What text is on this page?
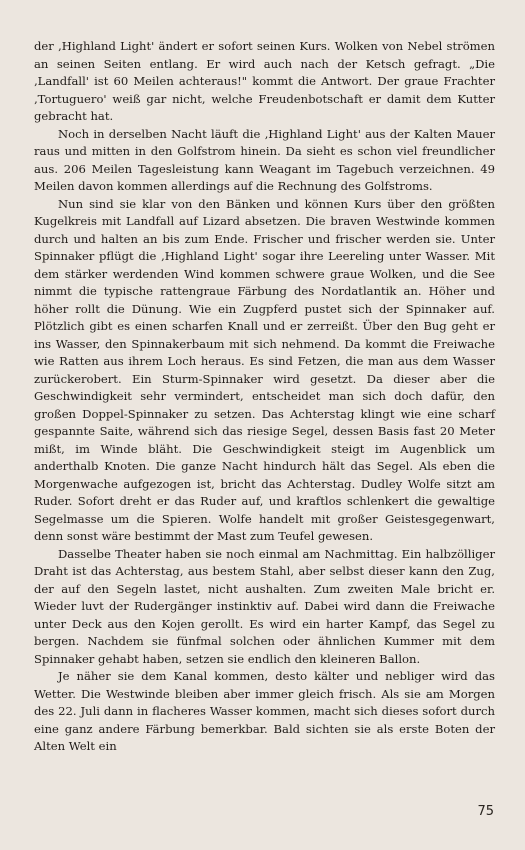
der ‚Highland Light' ändert er sofort seinen Kurs. Wolken von Nebel strömen an seinen Seiten entlang. Er wird auch nach der Ketsch gefragt. „Die ‚Landfall' ist 60 Meilen achteraus!" kommt die Antwort. Der graue Frachter ‚Tortuguero' weiß gar nicht, welche Freudenbotschaft er damit dem Kutter gebracht hat.

Noch in derselben Nacht läuft die ‚Highland Light' aus der Kalten Mauer raus und mitten in den Golfstrom hinein. Da sieht es schon viel freundlicher aus. 206 Meilen Tagesleistung kann Weagant im Tagebuch verzeichnen. 49 Meilen davon kommen allerdings auf die Rechnung des Golfstroms.

Nun sind sie klar von den Bänken und können Kurs über den größten Kugelkreis mit Landfall auf Lizard absetzen. Die braven Westwinde kommen durch und halten an bis zum Ende. Frischer und frischer werden sie. Unter Spinnaker pflügt die ‚Highland Light' sogar ihre Leereling unter Wasser. Mit dem stärker werdenden Wind kommen schwere graue Wolken, und die See nimmt die typische rattengraue Färbung des Nordatlantik an. Höher und höher rollt die Dünung. Wie ein Zugpferd pustet sich der Spinnaker auf. Plötzlich gibt es einen scharfen Knall und er zerreißt. Über den Bug geht er ins Wasser, den Spinnakerbaum mit sich nehmend. Da kommt die Freiwache wie Ratten aus ihrem Loch heraus. Es sind Fetzen, die man aus dem Wasser zurückerobert. Ein Sturm-Spinnaker wird gesetzt. Da dieser aber die Geschwindigkeit sehr vermindert, entscheidet man sich doch dafür, den großen Doppel-Spinnaker zu setzen. Das Achterstag klingt wie eine scharf gespannte Saite, während sich das riesige Segel, dessen Basis fast 20 Meter mißt, im Winde bläht. Die Geschwindigkeit steigt im Augenblick um anderthalb Knoten. Die ganze Nacht hindurch hält das Segel. Als eben die Morgenwache aufgezogen ist, bricht das Achterstag. Dudley Wolfe sitzt am Ruder. Sofort dreht er das Ruder auf, und kraftlos schlenkert die gewaltige Segelmasse um die Spieren. Wolfe handelt mit großer Geistesgegenwart, denn sonst wäre bestimmt der Mast zum Teufel gewesen.

Dasselbe Theater haben sie noch einmal am Nachmittag. Ein halbzölliger Draht ist das Achterstag, aus bestem Stahl, aber selbst dieser kann den Zug, der auf den Segeln lastet, nicht aushalten. Zum zweiten Male bricht er. Wieder luvt der Rudergänger instinktiv auf. Dabei wird dann die Freiwache unter Deck aus den Kojen gerollt. Es wird ein harter Kampf, das Segel zu bergen. Nachdem sie fünfmal solchen oder ähnlichen Kummer mit dem Spinnaker gehabt haben, setzen sie endlich den kleineren Ballon.

Je näher sie dem Kanal kommen, desto kälter und nebliger wird das Wetter. Die Westwinde bleiben aber immer gleich frisch. Als sie am Morgen des 22. Juli dann in flacheres Wasser kommen, macht sich dieses sofort durch eine ganz andere Färbung bemerkbar. Bald sichten sie als erste Boten der Alten Welt ein

75
